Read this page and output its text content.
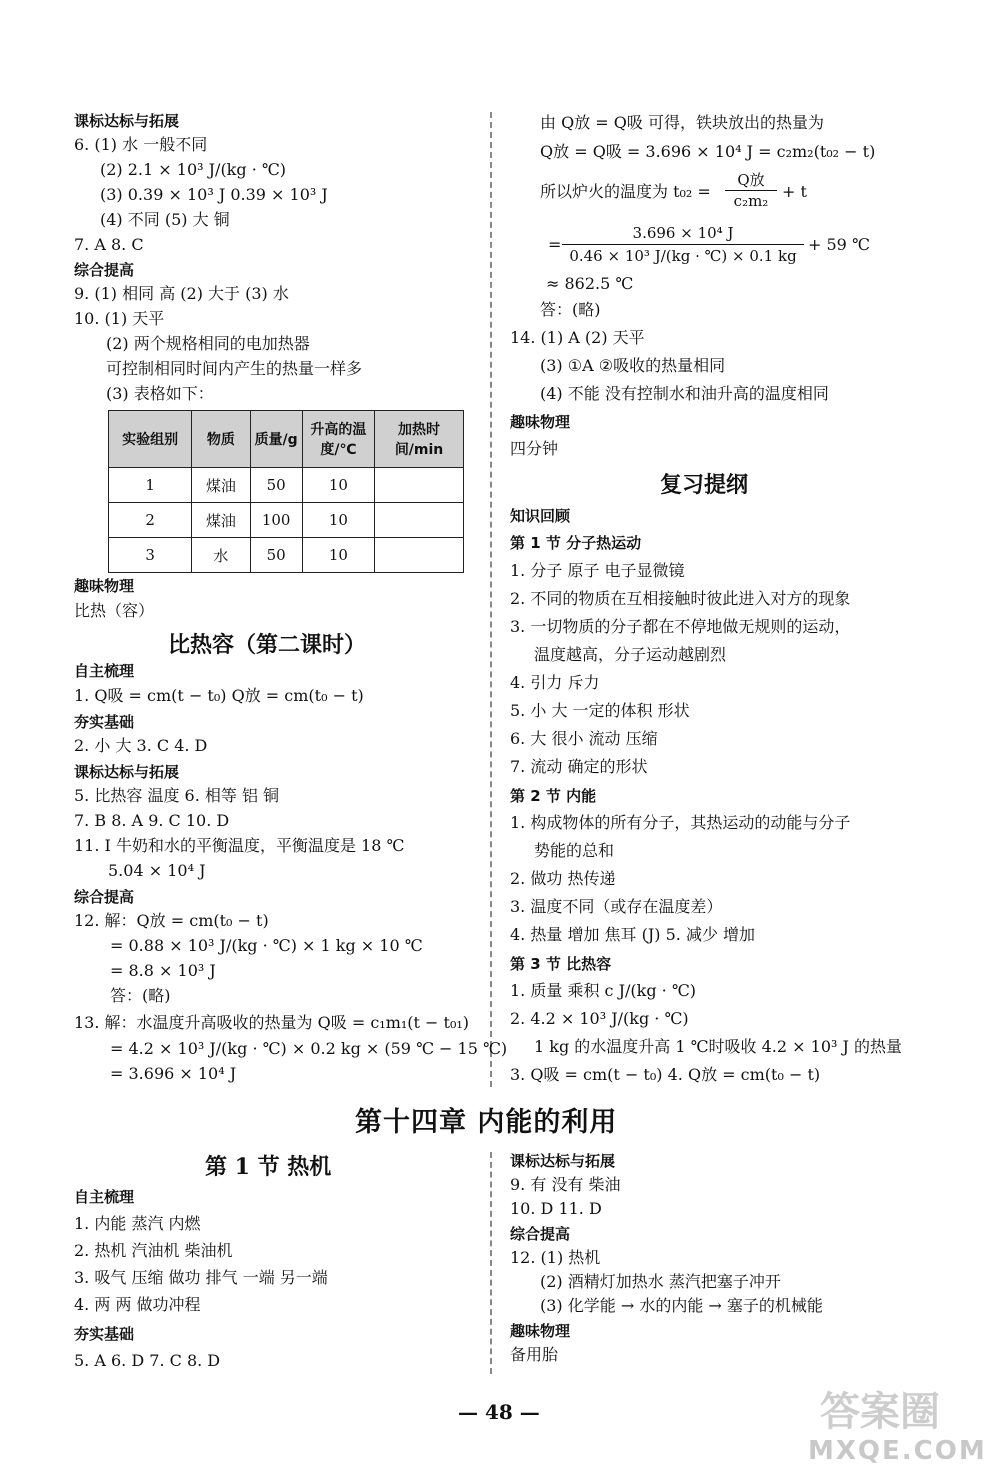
课标达标与拓展
6. (1) 水 一般不同
(2) 2.1 × 10³ J/(kg · ℃)
(3) 0.39 × 10³ J 0.39 × 10³ J
(4) 不同 (5) 大 铜
7. A 8. C
综合提高
9. (1) 相同 高 (2) 大于 (3) 水
10. (1) 天平
(2) 两个规格相同的电加热器
可控制相同时间内产生的热量一样多
(3) 表格如下：
实验组别	物质	质量/g	升高的温度/℃	加热时间/min
1	煤油	50	10	
2	煤油	100	10	
3	水	50	10	
趣味物理
比热（容）
比热容（第二课时）
自主梳理
1. Q吸 = cm(t − t₀) Q放 = cm(t₀ − t)
夯实基础
2. 小 大 3. C 4. D
课标达标与拓展
5. 比热容 温度 6. 相等 铝 铜
7. B 8. A 9. C 10. D
11. Ⅰ 牛奶和水的平衡温度，平衡温度是 18 ℃
5.04 × 10⁴ J
综合提高
12. 解：Q放 = cm(t₀ − t)
= 0.88 × 10³ J/(kg · ℃) × 1 kg × 10 ℃
= 8.8 × 10³ J
答：(略)
13. 解：水温度升高吸收的热量为 Q吸 = c₁m₁(t − t₀₁)
= 4.2 × 10³ J/(kg · ℃) × 0.2 kg × (59 ℃ − 15 ℃)
= 3.696 × 10⁴ J
由 Q放 = Q吸 可得，铁块放出的热量为
Q放 = Q吸 = 3.696 × 10⁴ J = c₂m₂(t₀₂ − t)
所以炉火的温度为 t₀₂ =
Q放
c₂m₂ + t
= $\frac{\text{3.696 × 10⁴ J}}{\text{0.46 × 10³ J/(kg · ℃) × 0.1 kg}} + 59$ ℃
≈ 862.5 ℃
答：(略)
14. (1) A (2) 天平
(3) ①A ②吸收的热量相同
(4) 不能 没有控制水和油升高的温度相同
趣味物理
四分钟
复习提纲
知识回顾
第 1 节 分子热运动
1. 分子 原子 电子显微镜
2. 不同的物质在互相接触时彼此进入对方的现象
3. 一切物质的分子都在不停地做无规则的运动，
温度越高，分子运动越剧烈
4. 引力 斥力
5. 小 大 一定的体积 形状
6. 大 很小 流动 压缩
7. 流动 确定的形状
第 2 节 内能
1. 构成物体的所有分子，其热运动的动能与分子
势能的总和
2. 做功 热传递
3. 温度不同（或存在温度差）
4. 热量 增加 焦耳 (J) 5. 减少 增加
第 3 节 比热容
1. 质量 乘积 c J/(kg · ℃)
2. 4.2 × 10³ J/(kg · ℃)
1 kg 的水温度升高 1 ℃时吸收 4.2 × 10³ J 的热量
3. Q吸 = cm(t − t₀) 4. Q放 = cm(t₀ − t)
第十四章 内能的利用
第 1 节 热机
自主梳理
1. 内能 蒸汽 内燃
2. 热机 汽油机 柴油机
3. 吸气 压缩 做功 排气 一端 另一端
4. 两 两 做功冲程
夯实基础
5. A 6. D 7. C 8. D
课标达标与拓展
9. 有 没有 柴油
10. D 11. D
综合提高
12. (1) 热机
(2) 酒精灯加热水 蒸汽把塞子冲开
(3) 化学能 → 水的内能 → 塞子的机械能
趣味物理
备用胎
— 48 —	答案圈
MXQE.COM
